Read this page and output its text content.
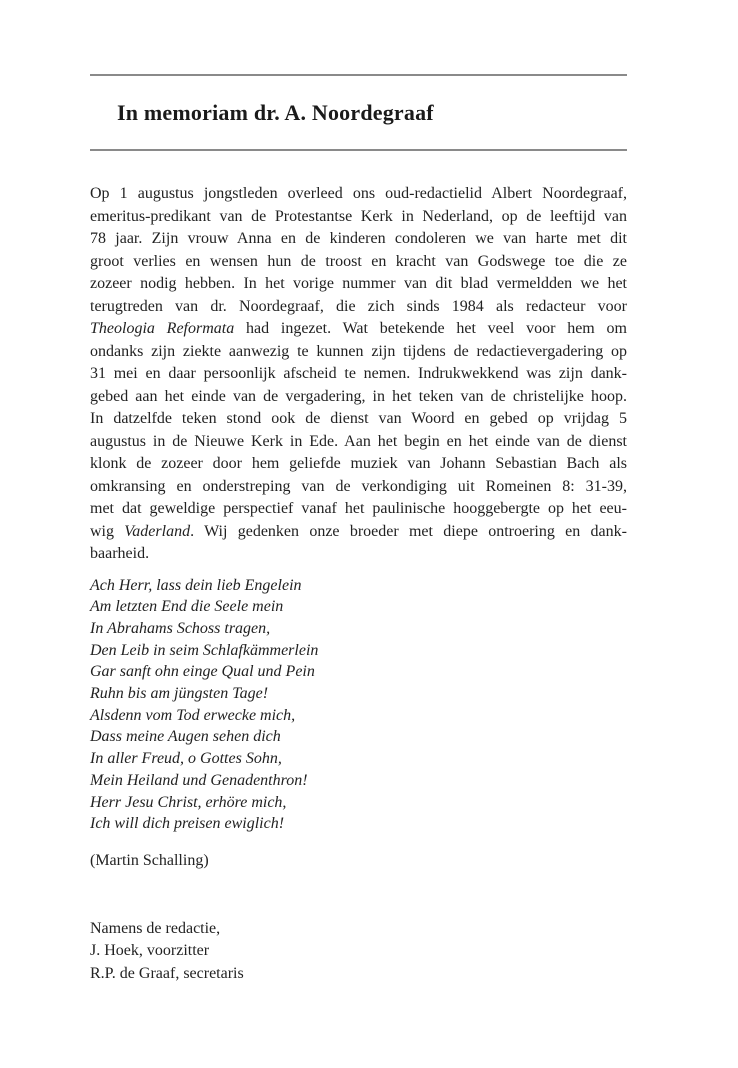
In memoriam dr. A. Noordegraaf
Op 1 augustus jongstleden overleed ons oud-redactielid Albert Noordegraaf,
emeritus-predikant van de Protestantse Kerk in Nederland, op de leeftijd van
78 jaar. Zijn vrouw Anna en de kinderen condoleren we van harte met dit
groot verlies en wensen hun de troost en kracht van Godswege toe die ze
zozeer nodig hebben. In het vorige nummer van dit blad vermeldden we het
terugtreden van dr. Noordegraaf, die zich sinds 1984 als redacteur voor
Theologia Reformata had ingezet. Wat betekende het veel voor hem om
ondanks zijn ziekte aanwezig te kunnen zijn tijdens de redactievergadering op
31 mei en daar persoonlijk afscheid te nemen. Indrukwekkend was zijn dank-
gebed aan het einde van de vergadering, in het teken van de christelijke hoop.
In datzelfde teken stond ook de dienst van Woord en gebed op vrijdag 5
augustus in de Nieuwe Kerk in Ede. Aan het begin en het einde van de dienst
klonk de zozeer door hem geliefde muziek van Johann Sebastian Bach als
omkransing en onderstreping van de verkondiging uit Romeinen 8: 31-39,
met dat geweldige perspectief vanaf het paulinische hooggebergte op het eeu-
wig Vaderland. Wij gedenken onze broeder met diepe ontroering en dank-
baarheid.
Ach Herr, lass dein lieb Engelein
Am letzten End die Seele mein
In Abrahams Schoss tragen,
Den Leib in seim Schlafkämmerlein
Gar sanft ohn einge Qual und Pein
Ruhn bis am jüngsten Tage!
Alsdenn vom Tod erwecke mich,
Dass meine Augen sehen dich
In aller Freud, o Gottes Sohn,
Mein Heiland und Genadenthron!
Herr Jesu Christ, erhöre mich,
Ich will dich preisen ewiglich!
(Martin Schalling)
Namens de redactie,
J. Hoek, voorzitter
R.P. de Graaf, secretaris
